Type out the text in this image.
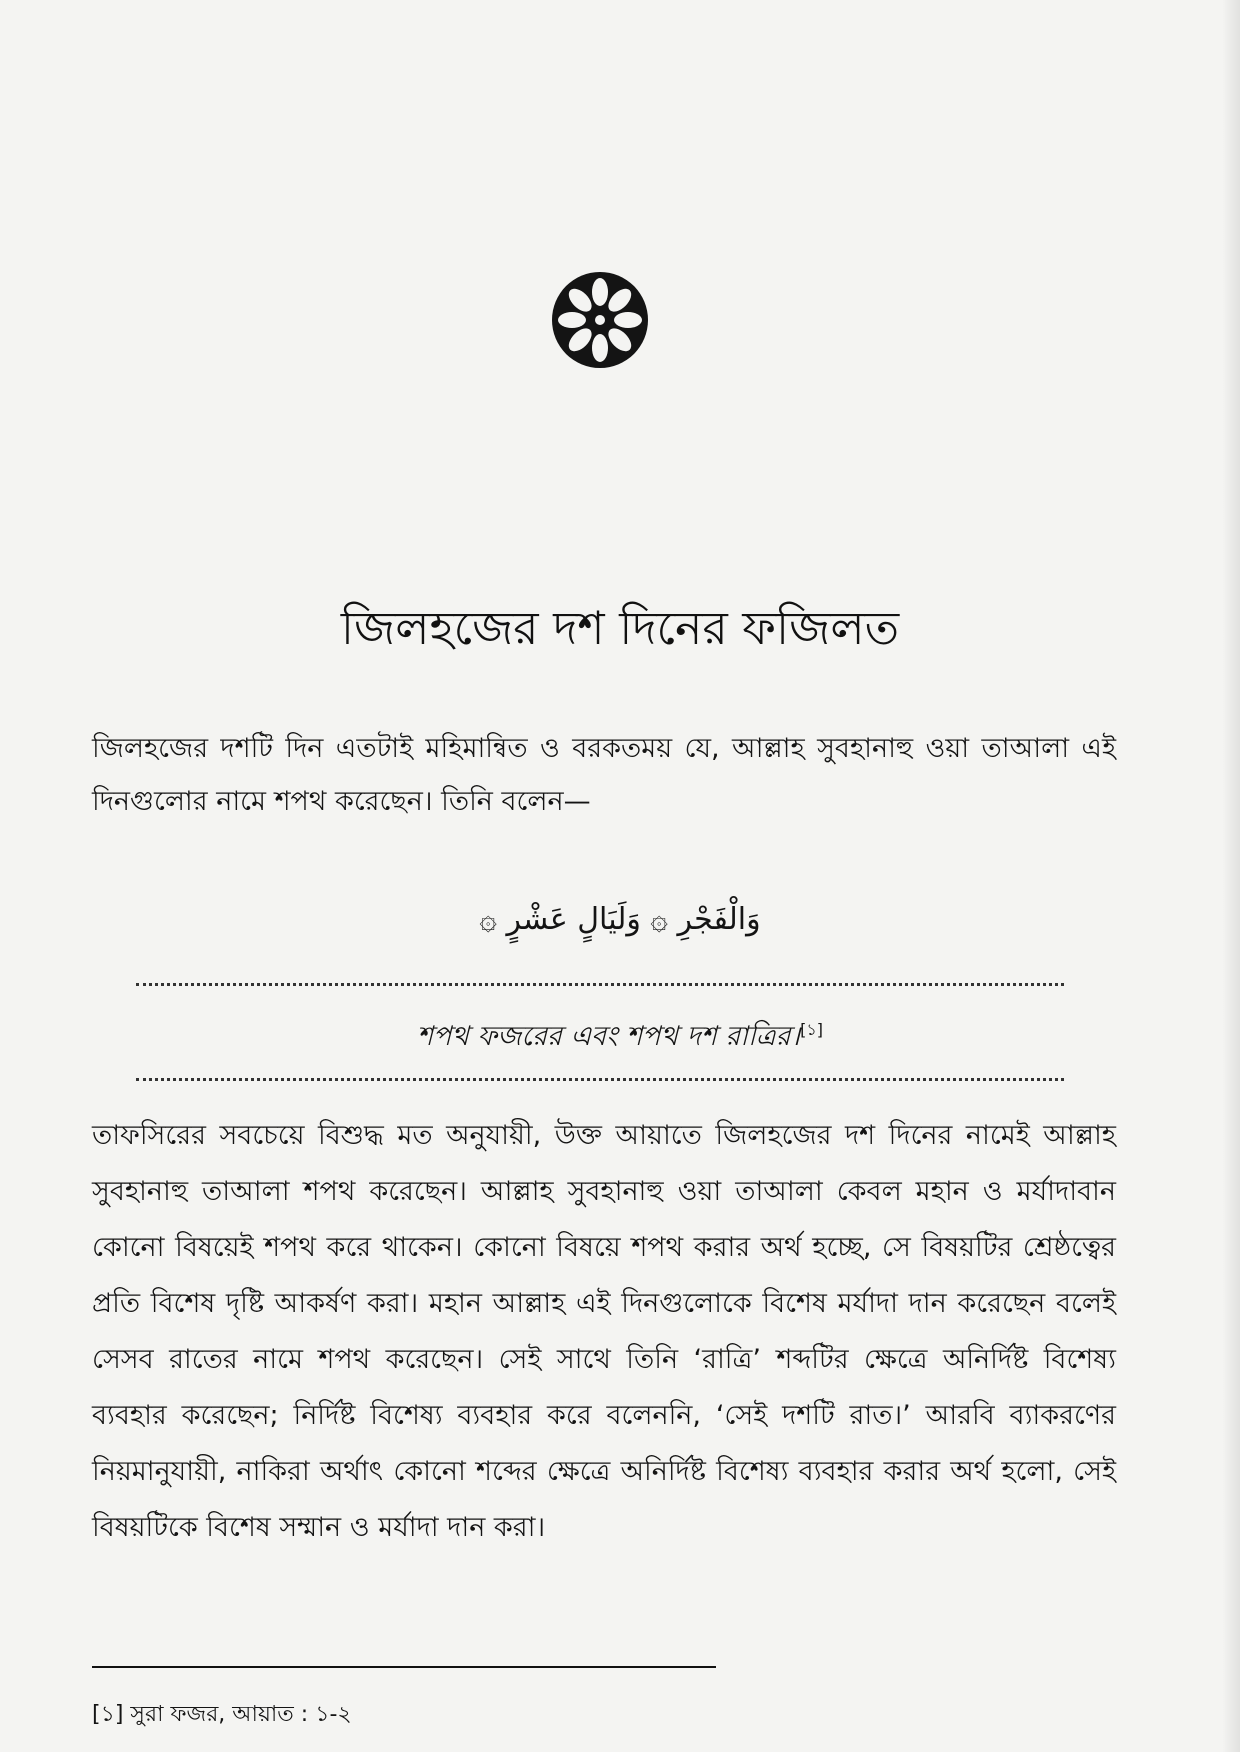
জিলহজের দশ দিনের ফজিলত

জিলহজের দশটি দিন এতটাই মহিমান্বিত ও বরকতময় যে, আল্লাহ সুবহানাহু ওয়া তাআলা এই দিনগুলোর নামে শপথ করেছেন। তিনি বলেন—

وَالْفَجْرِ ۞ وَلَيَالٍ عَشْرٍ ۞
শপথ ফজরের এবং শপথ দশ রাত্রির।[১]

তাফসিরের সবচেয়ে বিশুদ্ধ মত অনুযায়ী, উক্ত আয়াতে জিলহজের দশ দিনের নামেই আল্লাহ সুবহানাহু তাআলা শপথ করেছেন। আল্লাহ সুবহানাহু ওয়া তাআলা কেবল মহান ও মর্যাদাবান কোনো বিষয়েই শপথ করে থাকেন। কোনো বিষয়ে শপথ করার অর্থ হচ্ছে, সে বিষয়টির শ্রেষ্ঠত্বের প্রতি বিশেষ দৃষ্টি আকর্ষণ করা। মহান আল্লাহ এই দিনগুলোকে বিশেষ মর্যাদা দান করেছেন বলেই সেসব রাতের নামে শপথ করেছেন। সেই সাথে তিনি ‘রাত্রি’ শব্দটির ক্ষেত্রে অনির্দিষ্ট বিশেষ্য ব্যবহার করেছেন; নির্দিষ্ট বিশেষ্য ব্যবহার করে বলেননি, ‘সেই দশটি রাত।’ আরবি ব্যাকরণের নিয়মানুযায়ী, নাকিরা অর্থাৎ কোনো শব্দের ক্ষেত্রে অনির্দিষ্ট বিশেষ্য ব্যবহার করার অর্থ হলো, সেই বিষয়টিকে বিশেষ সম্মান ও মর্যাদা দান করা।

[১] সুরা ফজর, আয়াত : ১-২
